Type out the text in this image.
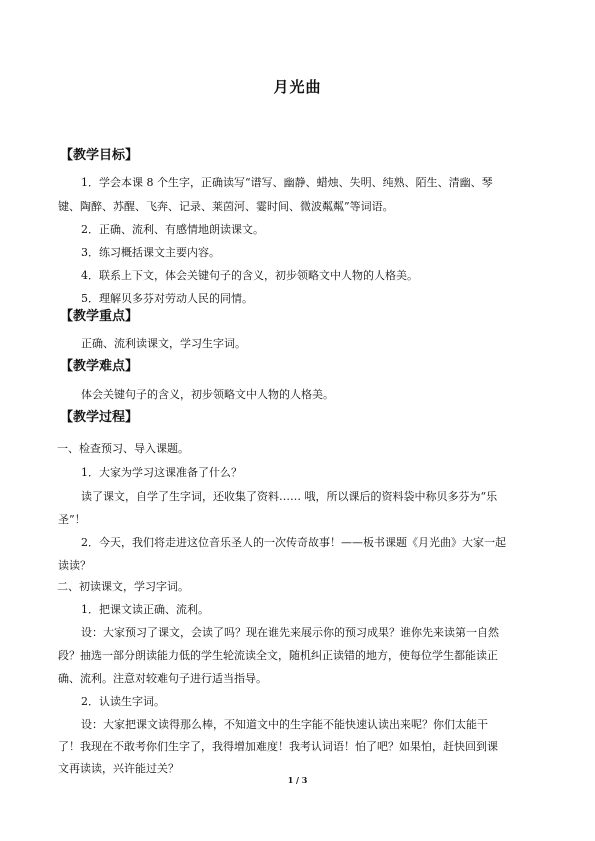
月光曲
【教学目标】
1．学会本课 8 个生字，正确读写“谱写、幽静、蜡烛、失明、纯熟、陌生、清幽、琴
键、陶醉、苏醒、飞奔、记录、莱茵河、霎时间、微波粼粼”等词语。
2．正确、流利、有感情地朗读课文。
3．练习概括课文主要内容。
4．联系上下文，体会关键句子的含义，初步领略文中人物的人格美。
5．理解贝多芬对劳动人民的同情。
【教学重点】
正确、流利读课文，学习生字词。
【教学难点】
体会关键句子的含义，初步领略文中人物的人格美。
【教学过程】
一、检查预习、导入课题。
1．大家为学习这课准备了什么？
读了课文，自学了生字词，还收集了资料…… 哦，所以课后的资料袋中称贝多芬为“乐
圣”！
2．今天，我们将走进这位音乐圣人的一次传奇故事！——板书课题《月光曲》大家一起
读读？
二、初读课文，学习字词。
1．把课文读正确、流利。
设：大家预习了课文，会读了吗？现在谁先来展示你的预习成果？谁你先来读第一自然
段？抽选一部分朗读能力低的学生轮流读全文，随机纠正读错的地方，使每位学生都能读正
确、流利。注意对较难句子进行适当指导。
2．认读生字词。
设：大家把课文读得那么棒，不知道文中的生字能不能快速认读出来呢？你们太能干
了！我现在不敢考你们生字了，我得增加难度！我考认词语！怕了吧？如果怕，赶快回到课
文再读读，兴许能过关？
1 / 3
